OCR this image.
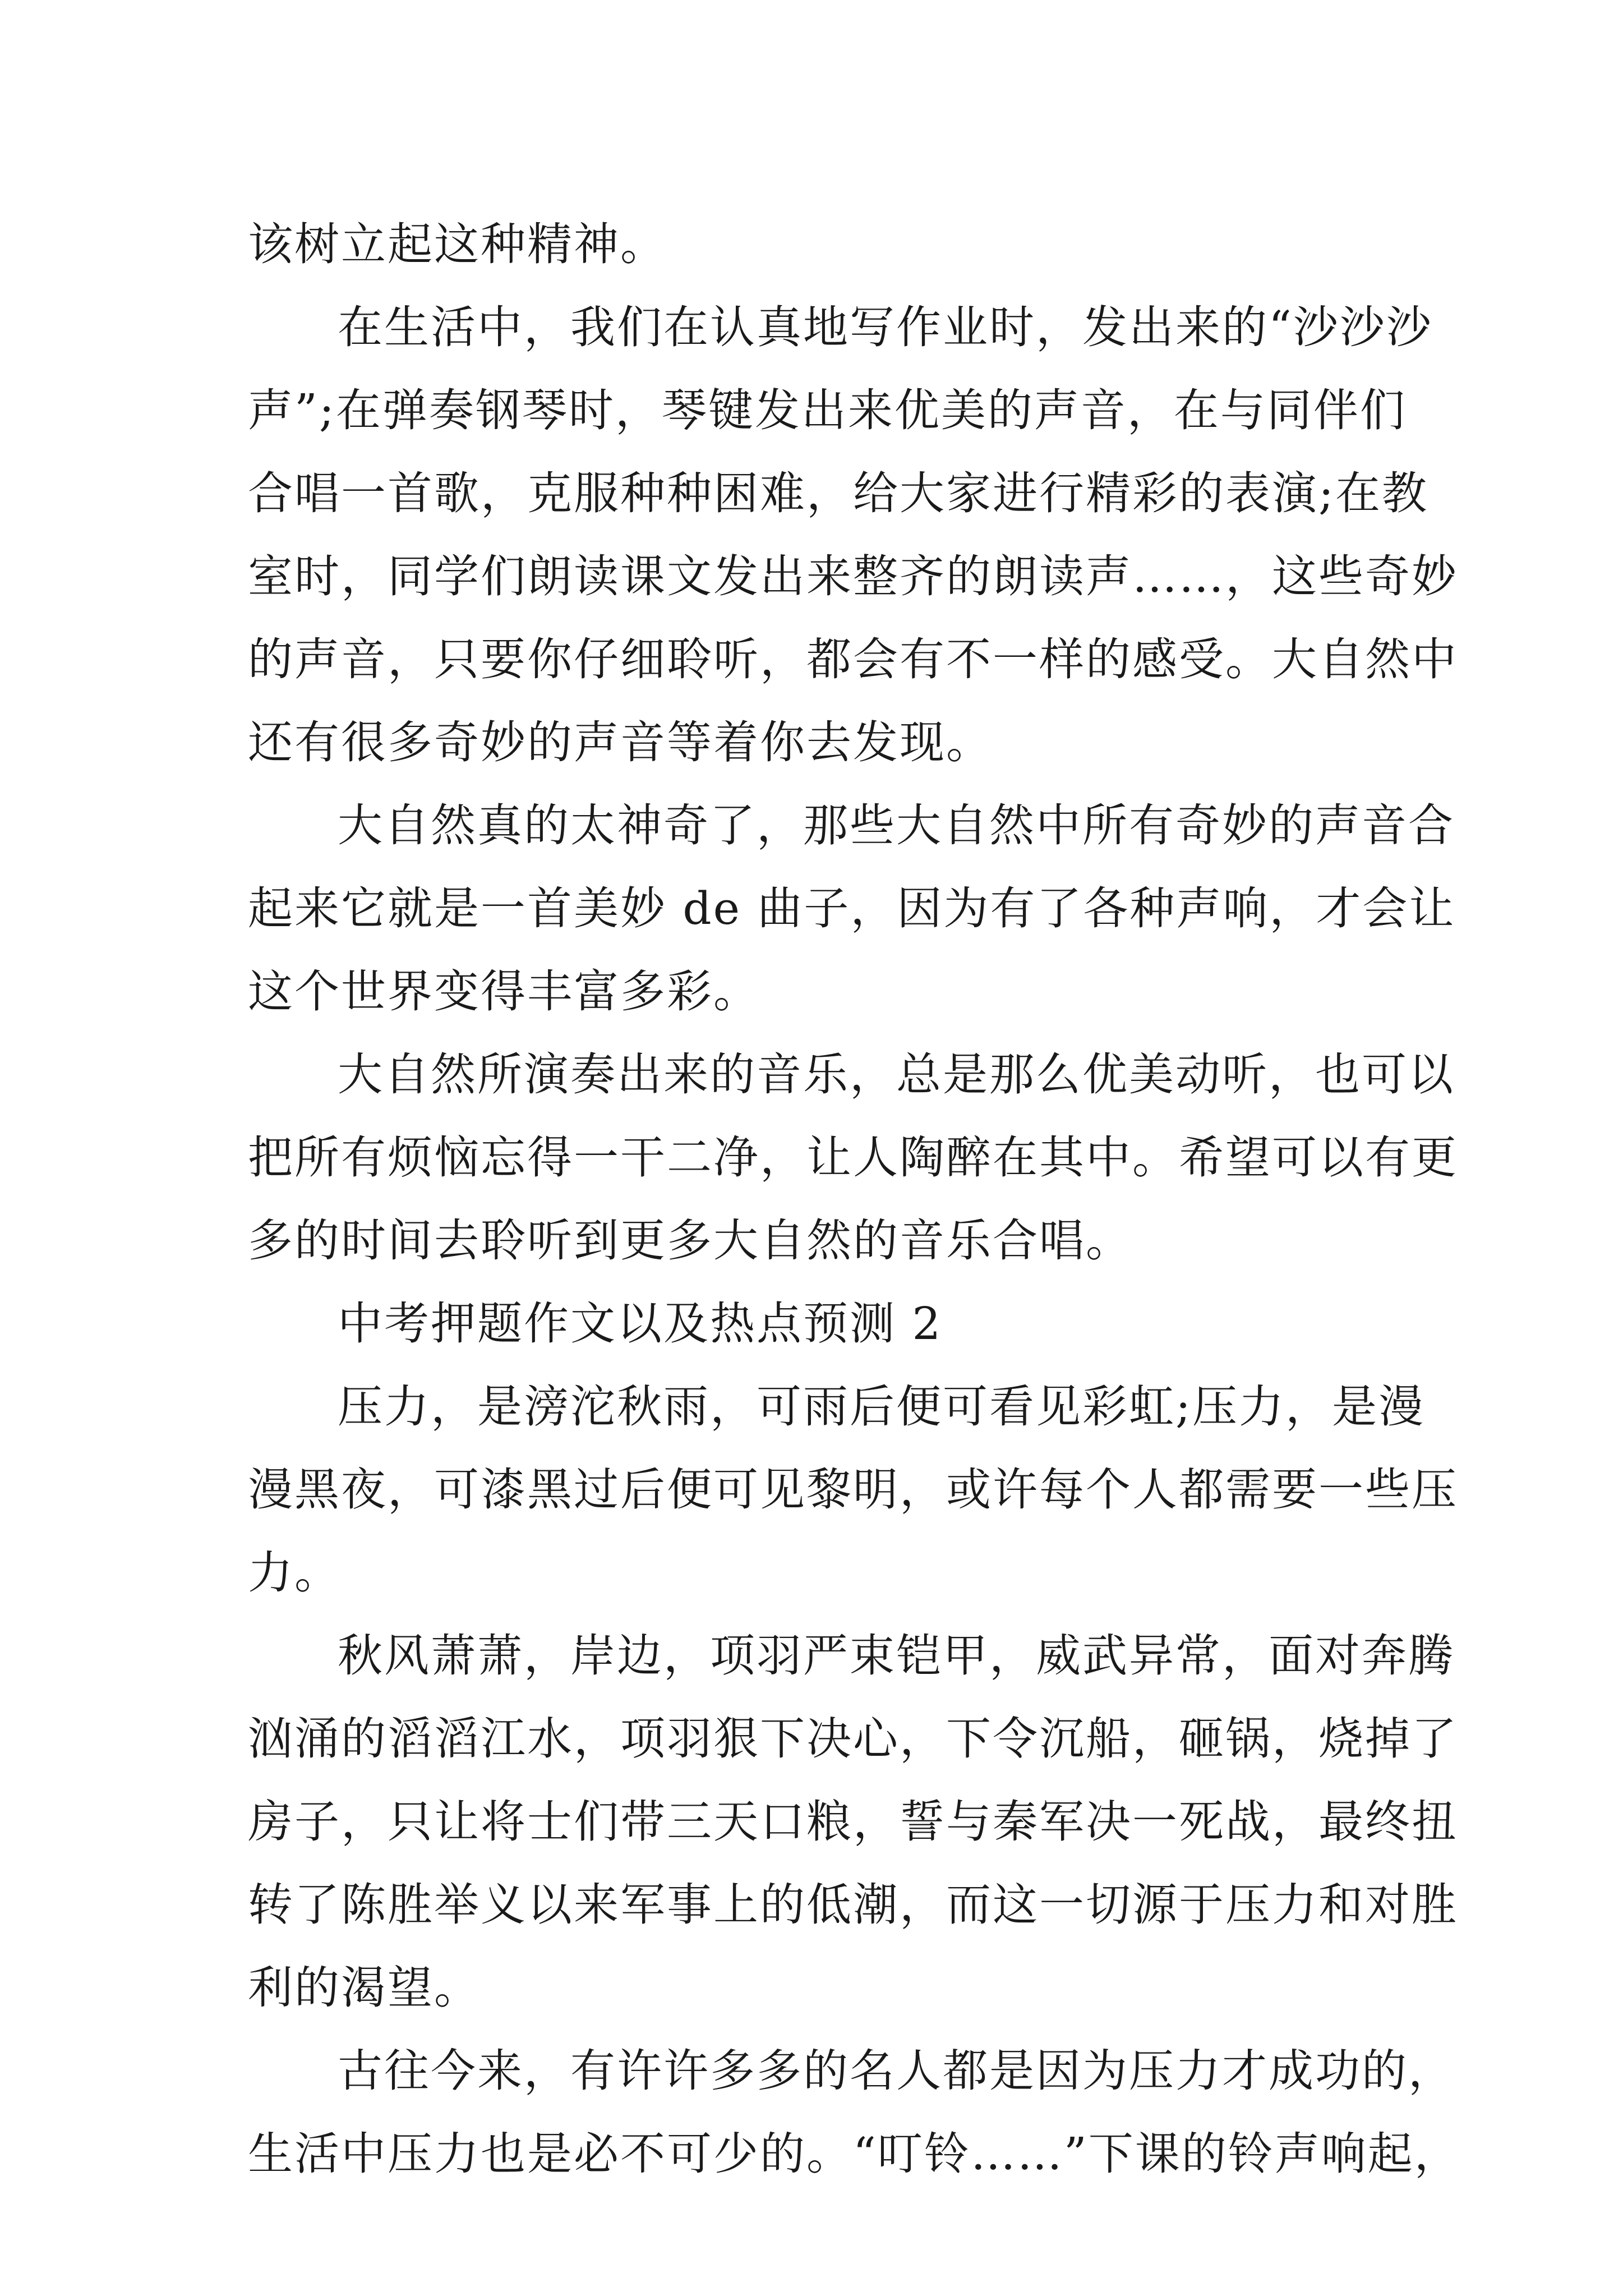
该树立起这种精神。
在生活中，我们在认真地写作业时，发出来的“沙沙沙
声”;在弹奏钢琴时，琴键发出来优美的声音，在与同伴们
合唱一首歌，克服种种困难，给大家进行精彩的表演;在教
室时，同学们朗读课文发出来整齐的朗读声……，这些奇妙
的声音，只要你仔细聆听，都会有不一样的感受。大自然中
还有很多奇妙的声音等着你去发现。
大自然真的太神奇了，那些大自然中所有奇妙的声音合
起来它就是一首美妙 de 曲子，因为有了各种声响，才会让
这个世界变得丰富多彩。
大自然所演奏出来的音乐，总是那么优美动听，也可以
把所有烦恼忘得一干二净，让人陶醉在其中。希望可以有更
多的时间去聆听到更多大自然的音乐合唱。
中考押题作文以及热点预测 2
压力，是滂沱秋雨，可雨后便可看见彩虹;压力，是漫
漫黑夜，可漆黑过后便可见黎明，或许每个人都需要一些压
力。
秋风萧萧，岸边，项羽严束铠甲，威武异常，面对奔腾
汹涌的滔滔江水，项羽狠下决心，下令沉船，砸锅，烧掉了
房子，只让将士们带三天口粮，誓与秦军决一死战，最终扭
转了陈胜举义以来军事上的低潮，而这一切源于压力和对胜
利的渴望。
古往今来，有许许多多的名人都是因为压力才成功的，
生活中压力也是必不可少的。“叮铃……”下课的铃声响起，
